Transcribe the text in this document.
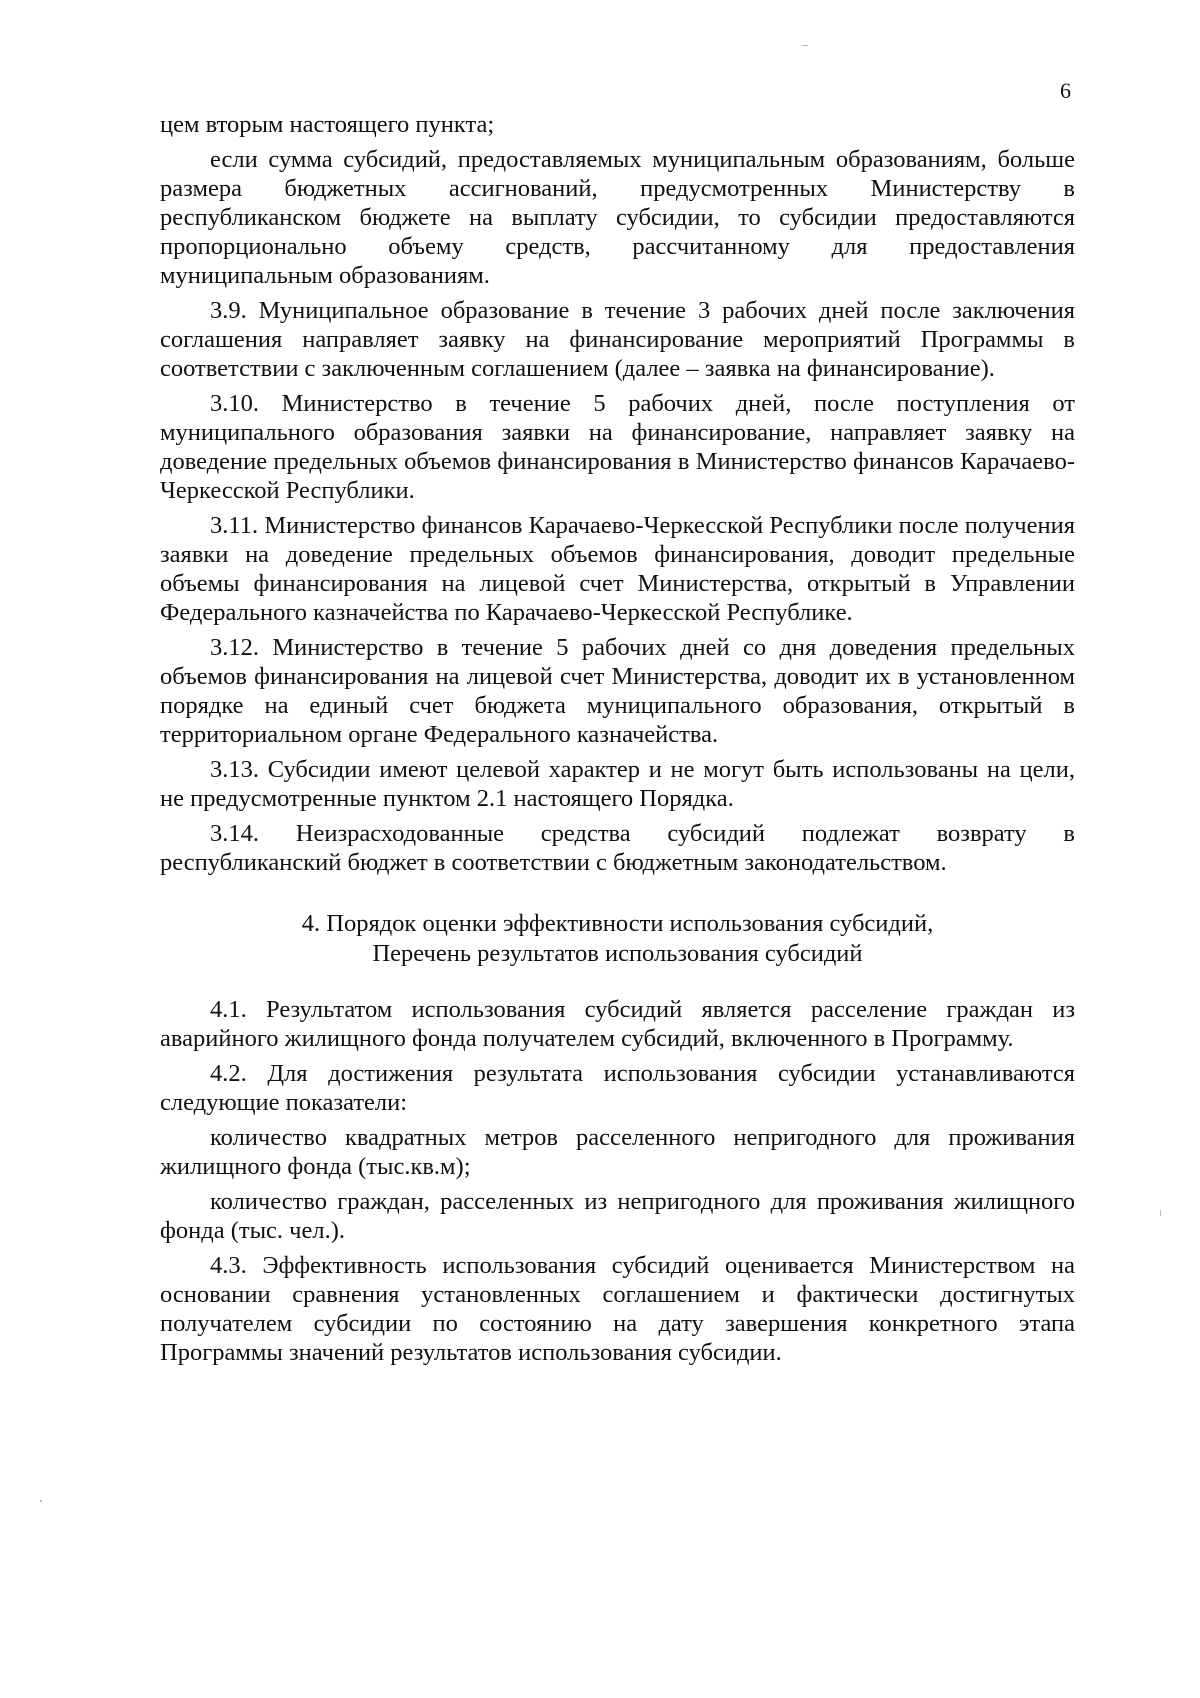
6

цем вторым настоящего пункта;

если сумма субсидий, предоставляемых муниципальным образованиям, больше размера бюджетных ассигнований, предусмотренных Министерству в республиканском бюджете на выплату субсидии, то субсидии предоставляются пропорционально объему средств, рассчитанному для предоставления муниципальным образованиям.

3.9. Муниципальное образование в течение 3 рабочих дней после заключения соглашения направляет заявку на финансирование мероприятий Программы в соответствии с заключенным соглашением (далее – заявка на финансирование).

3.10. Министерство в течение 5 рабочих дней, после поступления от муниципального образования заявки на финансирование, направляет заявку на доведение предельных объемов финансирования в Министерство финансов Карачаево-Черкесской Республики.

3.11. Министерство финансов Карачаево-Черкесской Республики после получения заявки на доведение предельных объемов финансирования, доводит предельные объемы финансирования на лицевой счет Министерства, открытый в Управлении Федерального казначейства по Карачаево-Черкесской Республике.

3.12. Министерство в течение 5 рабочих дней со дня доведения предельных объемов финансирования на лицевой счет Министерства, доводит их в установленном порядке на единый счет бюджета муниципального образования, открытый в территориальном органе Федерального казначейства.

3.13. Субсидии имеют целевой характер и не могут быть использованы на цели, не предусмотренные пунктом 2.1 настоящего Порядка.

3.14. Неизрасходованные средства субсидий подлежат возврату в республиканский бюджет в соответствии с бюджетным законодательством.

4. Порядок оценки эффективности использования субсидий,
Перечень результатов использования субсидий

4.1. Результатом использования субсидий является расселение граждан из аварийного жилищного фонда получателем субсидий, включенного в Программу.

4.2. Для достижения результата использования субсидии устанавливаются следующие показатели:

количество квадратных метров расселенного непригодного для проживания жилищного фонда (тыс.кв.м);

количество граждан, расселенных из непригодного для проживания жилищного фонда (тыс. чел.).

4.3. Эффективность использования субсидий оценивается Министерством на основании сравнения установленных соглашением и фактически достигнутых получателем субсидии по состоянию на дату завершения конкретного этапа Программы значений результатов использования субсидии.
